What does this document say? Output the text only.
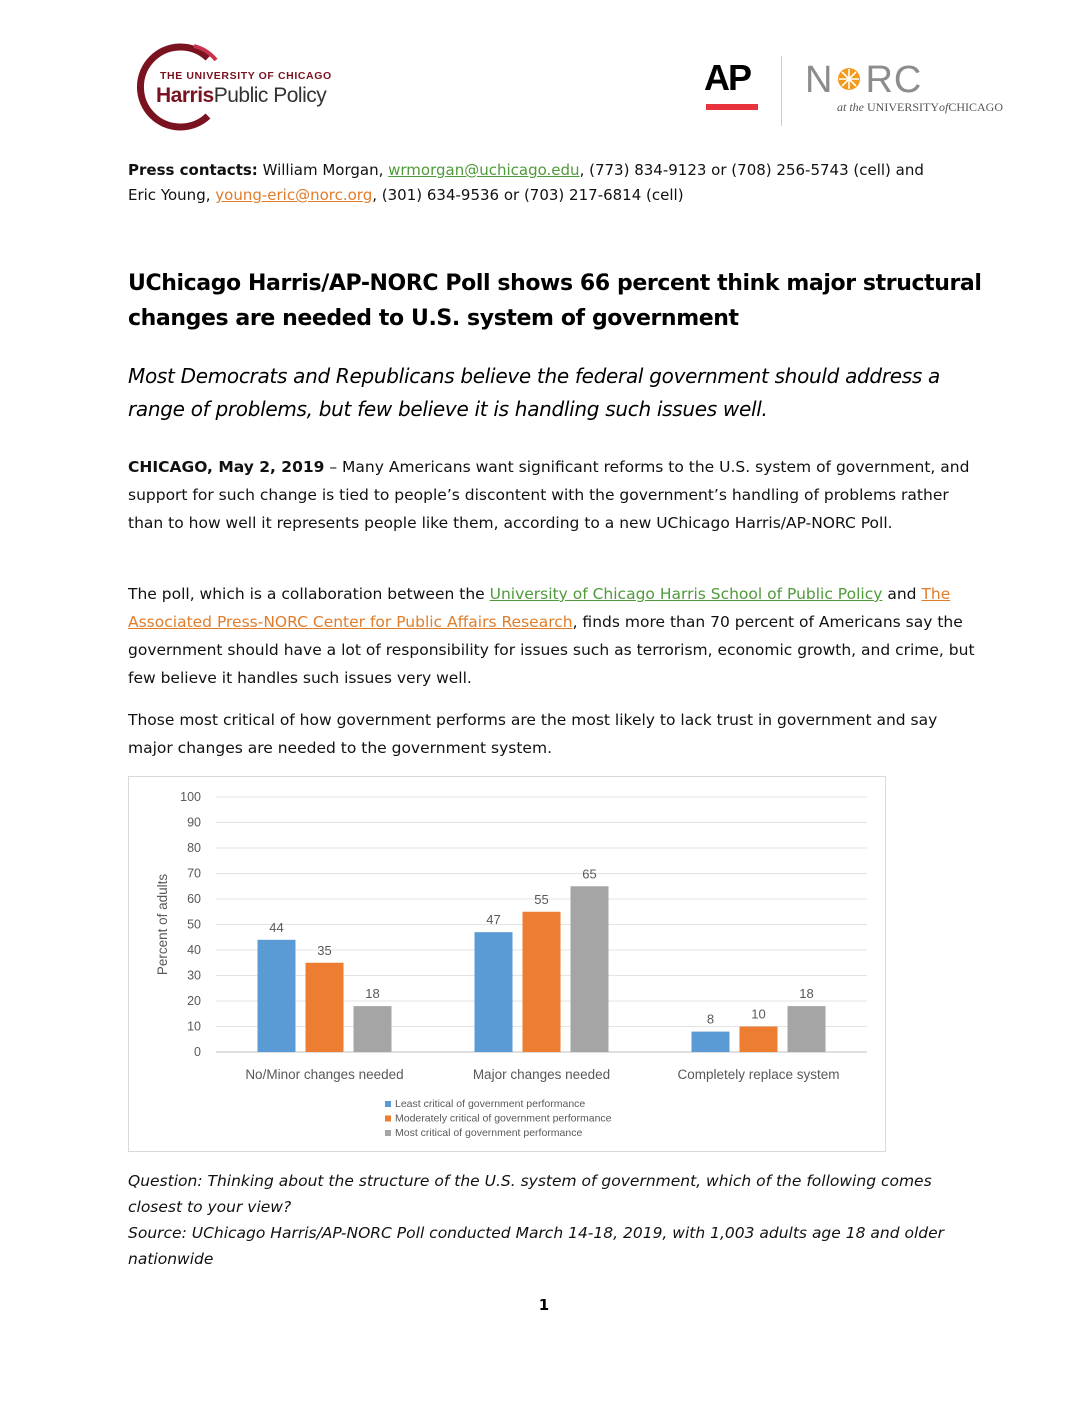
THE UNIVERSITY OF CHICAGO
HarrisPublic Policy	AP N RC
at the UNIVERSITYofCHICAGO
Press contacts: William Morgan, wrmorgan@uchicago.edu, (773) 834-9123 or (708) 256-5743 (cell) and
Eric Young, young-eric@norc.org, (301) 634-9536 or (703) 217-6814 (cell)
UChicago Harris/AP-NORC Poll shows 66 percent think major structural changes are needed to U.S. system of government
Most Democrats and Republicans believe the federal government should address a range of problems, but few believe it is handling such issues well.
CHICAGO, May 2, 2019 – Many Americans want significant reforms to the U.S. system of government, and support for such change is tied to people’s discontent with the government’s handling of problems rather than to how well it represents people like them, according to a new UChicago Harris/AP-NORC Poll.
The poll, which is a collaboration between the University of Chicago Harris School of Public Policy and The Associated Press-NORC Center for Public Affairs Research, finds more than 70 percent of Americans say the government should have a lot of responsibility for issues such as terrorism, economic growth, and crime, but few believe it handles such issues very well.
Those most critical of how government performs are the most likely to lack trust in government and say major changes are needed to the government system.
0
10
20
30
40
50
60
70
80
90
100
Percent of adults	44
35
18
No/Minor changes needed
47
55
65
Major changes needed
8	10
18
Completely replace system
Least critical of government performance
Moderately critical of government performance
Most critical of government performance
Question: Thinking about the structure of the U.S. system of government, which of the following comes closest to your view?
Source: UChicago Harris/AP-NORC Poll conducted March 14-18, 2019, with 1,003 adults age 18 and older nationwide
1
